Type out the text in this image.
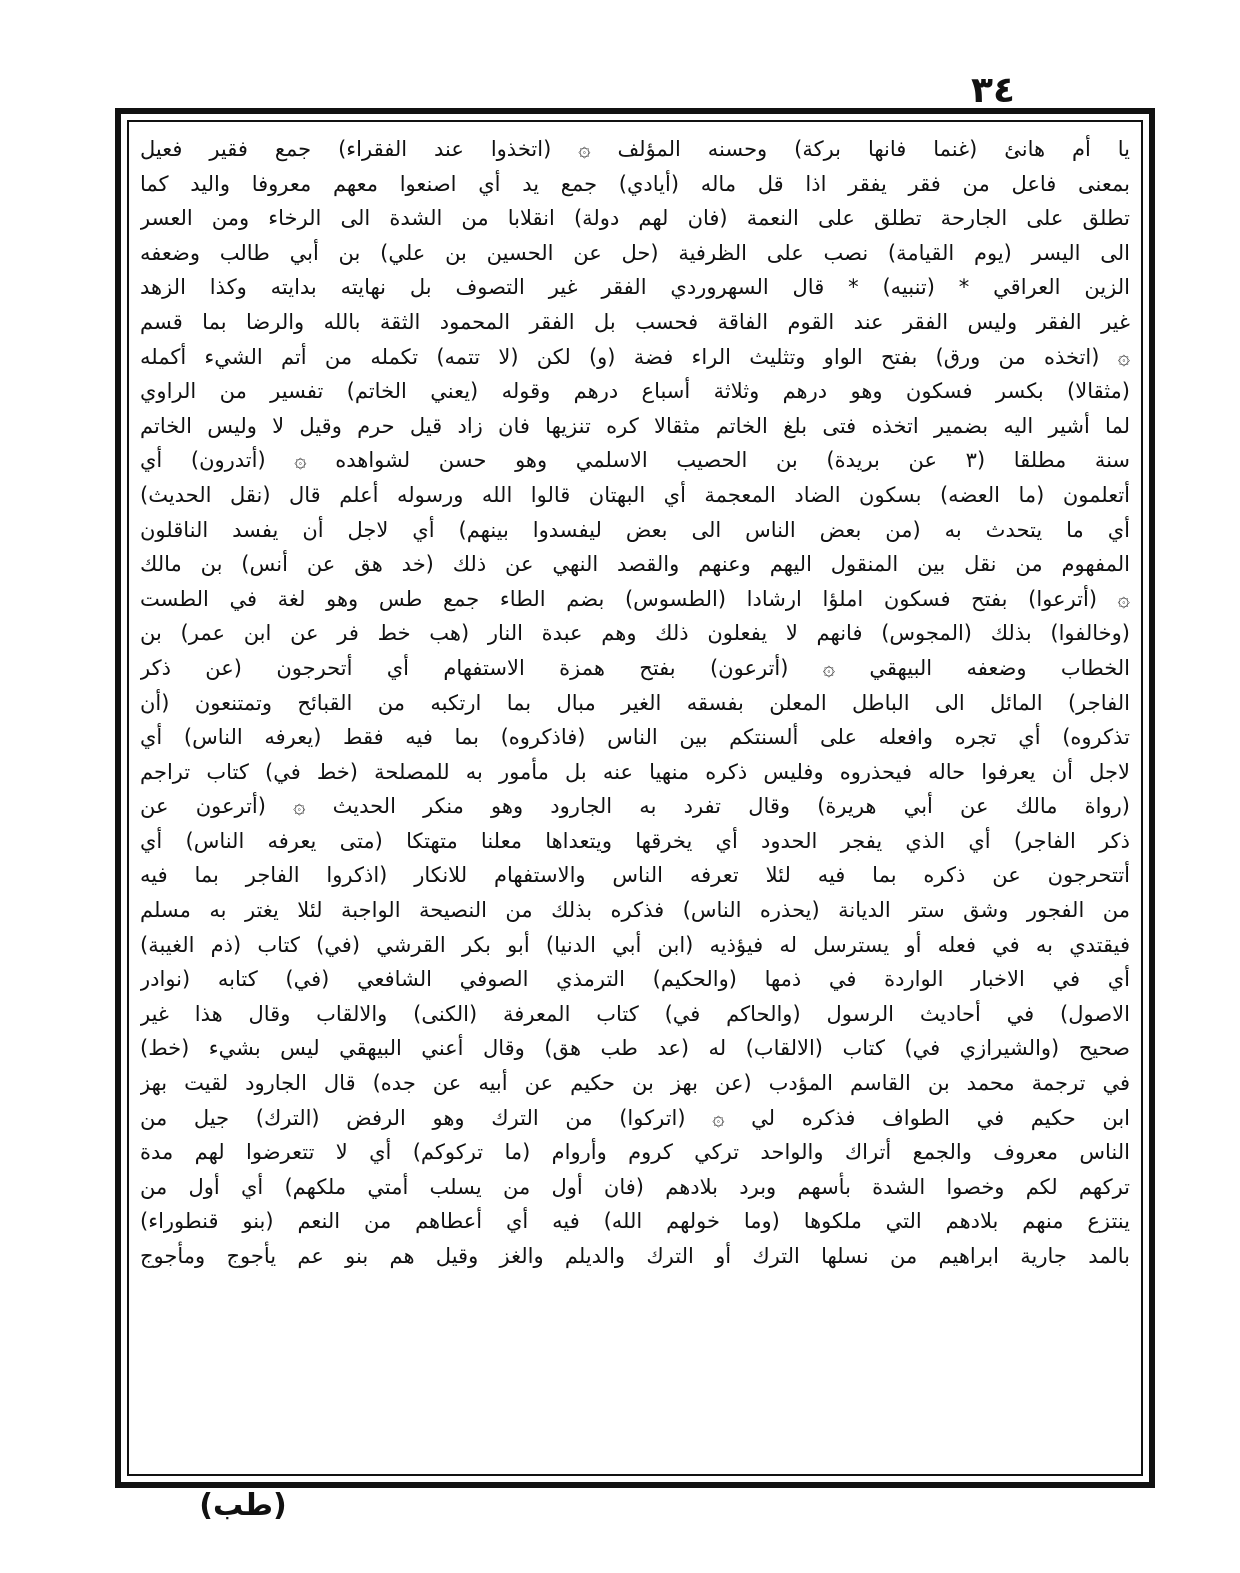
٣٤
يا أم هانئ (غنما فانها بركة) وحسنه المؤلف ۞ (اتخذوا عند الفقراء) جمع فقير فعيل
بمعنى فاعل من فقر يفقر اذا قل ماله (أيادي) جمع يد أي اصنعوا معهم معروفا واليد كما
تطلق على الجارحة تطلق على النعمة (فان لهم دولة) انقلابا من الشدة الى الرخاء ومن العسر
الى اليسر (يوم القيامة) نصب على الظرفية (حل عن الحسين بن علي) بن أبي طالب وضعفه
الزين العراقي * (تنبيه) * قال السهروردي الفقر غير التصوف بل نهايته بدايته وكذا الزهد
غير الفقر وليس الفقر عند القوم الفاقة فحسب بل الفقر المحمود الثقة بالله والرضا بما قسم
۞ (اتخذه من ورق) بفتح الواو وتثليث الراء فضة (و) لكن (لا تتمه) تكمله من أتم الشيء أكمله
(مثقالا) بكسر فسكون وهو درهم وثلاثة أسباع درهم وقوله (يعني الخاتم) تفسير من الراوي
لما أشير اليه بضمير اتخذه فتى بلغ الخاتم مثقالا كره تنزيها فان زاد قيل حرم وقيل لا وليس الخاتم
سنة مطلقا (٣ عن بريدة) بن الحصيب الاسلمي وهو حسن لشواهده ۞ (أتدرون) أي
أتعلمون (ما العضه) بسكون الضاد المعجمة أي البهتان قالوا الله ورسوله أعلم قال (نقل الحديث)
أي ما يتحدث به (من بعض الناس الى بعض ليفسدوا بينهم) أي لاجل أن يفسد الناقلون
المفهوم من نقل بين المنقول اليهم وعنهم والقصد النهي عن ذلك (خد هق عن أنس) بن مالك
۞ (أترعوا) بفتح فسكون املؤا ارشادا (الطسوس) بضم الطاء جمع طس وهو لغة في الطست
(وخالفوا) بذلك (المجوس) فانهم لا يفعلون ذلك وهم عبدة النار (هب خط فر عن ابن عمر) بن
الخطاب وضعفه البيهقي ۞ (أترعون) بفتح همزة الاستفهام أي أتحرجون (عن ذكر
الفاجر) المائل الى الباطل المعلن بفسقه الغير مبال بما ارتكبه من القبائح وتمتنعون (أن
تذكروه) أي تجره وافعله على ألسنتكم بين الناس (فاذكروه) بما فيه فقط (يعرفه الناس) أي
لاجل أن يعرفوا حاله فيحذروه وفليس ذكره منهيا عنه بل مأمور به للمصلحة (خط في) كتاب تراجم
(رواة مالك عن أبي هريرة) وقال تفرد به الجارود وهو منكر الحديث ۞ (أترعون عن
ذكر الفاجر) أي الذي يفجر الحدود أي يخرقها ويتعداها معلنا متهتكا (متى يعرفه الناس) أي
أتتحرجون عن ذكره بما فيه لئلا تعرفه الناس والاستفهام للانكار (اذكروا الفاجر بما فيه
من الفجور وشق ستر الديانة (يحذره الناس) فذكره بذلك من النصيحة الواجبة لئلا يغتر به مسلم
فيقتدي به في فعله أو يسترسل له فيؤذيه (ابن أبي الدنيا) أبو بكر القرشي (في) كتاب (ذم الغيبة)
أي في الاخبار الواردة في ذمها (والحكيم) الترمذي الصوفي الشافعي (في) كتابه (نوادر
الاصول) في أحاديث الرسول (والحاكم في) كتاب المعرفة (الكنى) والالقاب وقال هذا غير
صحيح (والشيرازي في) كتاب (الالقاب) له (عد طب هق) وقال أعني البيهقي ليس بشيء (خط)
في ترجمة محمد بن القاسم المؤدب (عن بهز بن حكيم عن أبيه عن جده) قال الجارود لقيت بهز
ابن حكيم في الطواف فذكره لي ۞ (اتركوا) من الترك وهو الرفض (الترك) جيل من
الناس معروف والجمع أتراك والواحد تركي كروم وأروام (ما تركوكم) أي لا تتعرضوا لهم مدة
تركهم لكم وخصوا الشدة بأسهم وبرد بلادهم (فان أول من يسلب أمتي ملكهم) أي أول من
ينتزع منهم بلادهم التي ملكوها (وما خولهم الله) فيه أي أعطاهم من النعم (بنو قنطوراء)
بالمد جارية ابراهيم من نسلها الترك أو الترك والديلم والغز وقيل هم بنو عم يأجوج ومأجوج
(طب)
